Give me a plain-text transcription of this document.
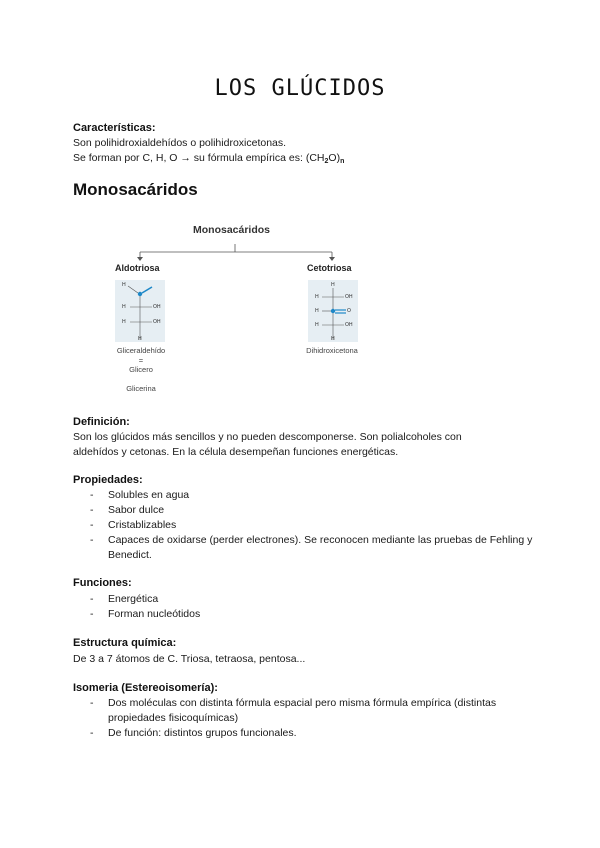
LOS GLÚCIDOS
Características:
Son polihidroxialdehídos o polihidroxicetonas.
Se forman por C, H, O → su fórmula empírica es: $(CH_2O)_n$
Monosacáridos
Monosacáridos
Aldotriosa	Cetotriosa
H
H
H
H
OH
OH
H
H
H
H
H
OH
O
OH
Gliceraldehído
=
Glicero
Glicerina
Dihidroxicetona
Definición:
Son los glúcidos más sencillos y no pueden descomponerse. Son polialcoholes con
aldehídos y cetonas. En la célula desempeñan funciones energéticas.
Propiedades:
- Solubles en agua
- Sabor dulce
- Cristablizables
- Capaces de oxidarse (perder electrones). Se reconocen mediante las pruebas de Fehling y Benedict.
Funciones:
- Energética
- Forman nucleótidos
Estructura química:
De 3 a 7 átomos de C. Triosa, tetraosa, pentosa...
Isomeria (Estereoisomería):
- Dos moléculas con distinta fórmula espacial pero misma fórmula empírica (distintas propiedades fisicoquímicas)
- De función: distintos grupos funcionales.
